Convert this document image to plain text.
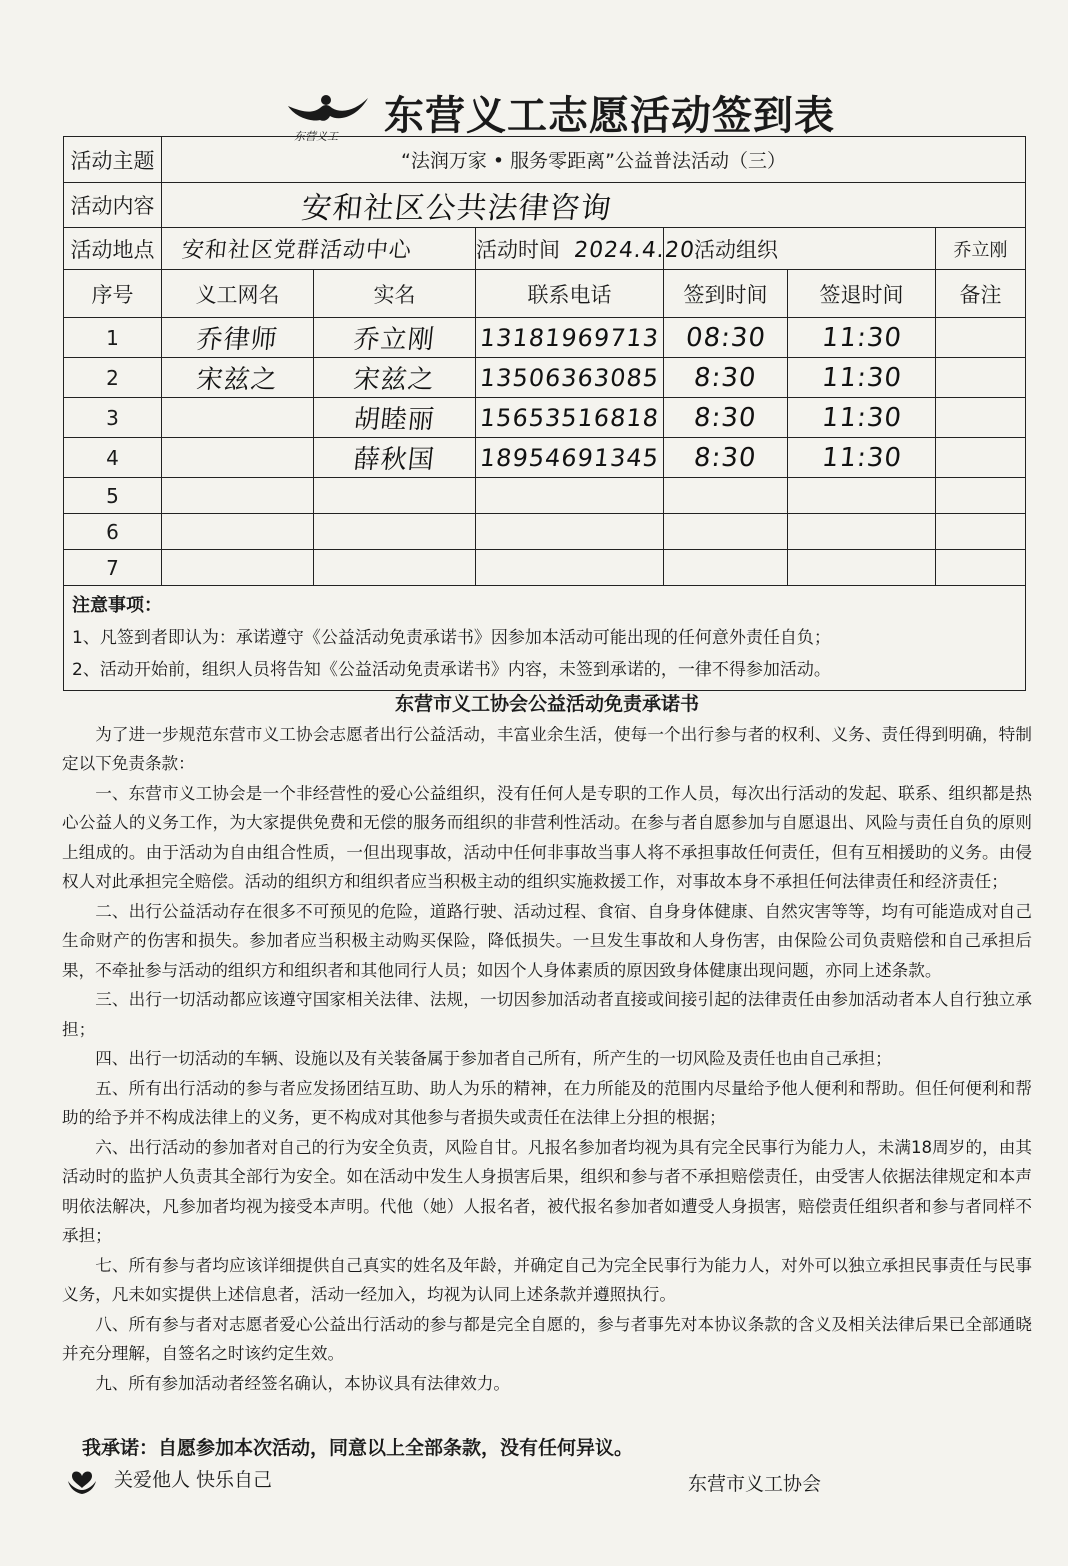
东营义工 东营义工志愿活动签到表
活动主题	“法润万家 • 服务零距离”公益普法活动（三）					
活动内容	安和社区公共法律咨询					
活动地点	安和社区党群活动中心		活动时间 2024.4.20	活动组织		乔立刚
序号	义工网名	实名	联系电话	签到时间	签退时间	备注
1	乔律师	乔立刚	13181969713	08:30	11:30	
2	宋兹之	宋兹之	13506363085	8:30	11:30	
3		胡睦丽	15653516818	8:30	11:30	
4		薛秋国	18954691345	8:30	11:30	
5						
6						
7						

注意事项：
1、凡签到者即认为：承诺遵守《公益活动免责承诺书》因参加本活动可能出现的任何意外责任自负；
2、活动开始前，组织人员将告知《公益活动免责承诺书》内容，未签到承诺的，一律不得参加活动。						
东营市义工协会公益活动免责承诺书

为了进一步规范东营市义工协会志愿者出行公益活动，丰富业余生活，使每一个出行参与者的权利、义务、责任得到明确，特制定以下免责条款：

一、东营市义工协会是一个非经营性的爱心公益组织，没有任何人是专职的工作人员，每次出行活动的发起、联系、组织都是热心公益人的义务工作，为大家提供免费和无偿的服务而组织的非营利性活动。在参与者自愿参加与自愿退出、风险与责任自负的原则上组成的。由于活动为自由组合性质，一但出现事故，活动中任何非事故当事人将不承担事故任何责任，但有互相援助的义务。由侵权人对此承担完全赔偿。活动的组织方和组织者应当积极主动的组织实施救援工作，对事故本身不承担任何法律责任和经济责任；

二、出行公益活动存在很多不可预见的危险，道路行驶、活动过程、食宿、自身身体健康、自然灾害等等，均有可能造成对自己生命财产的伤害和损失。参加者应当积极主动购买保险，降低损失。一旦发生事故和人身伤害，由保险公司负责赔偿和自己承担后果，不牵扯参与活动的组织方和组织者和其他同行人员；如因个人身体素质的原因致身体健康出现问题，亦同上述条款。

三、出行一切活动都应该遵守国家相关法律、法规，一切因参加活动者直接或间接引起的法律责任由参加活动者本人自行独立承担；

四、出行一切活动的车辆、设施以及有关装备属于参加者自己所有，所产生的一切风险及责任也由自己承担；

五、所有出行活动的参与者应发扬团结互助、助人为乐的精神，在力所能及的范围内尽量给予他人便利和帮助。但任何便利和帮助的给予并不构成法律上的义务，更不构成对其他参与者损失或责任在法律上分担的根据；

六、出行活动的参加者对自己的行为安全负责，风险自甘。凡报名参加者均视为具有完全民事行为能力人，未满18周岁的，由其活动时的监护人负责其全部行为安全。如在活动中发生人身损害后果，组织和参与者不承担赔偿责任，由受害人依据法律规定和本声明依法解决，凡参加者均视为接受本声明。代他（她）人报名者，被代报名参加者如遭受人身损害，赔偿责任组织者和参与者同样不承担；

七、所有参与者均应该详细提供自己真实的姓名及年龄，并确定自己为完全民事行为能力人，对外可以独立承担民事责任与民事义务，凡未如实提供上述信息者，活动一经加入，均视为认同上述条款并遵照执行。

八、所有参与者对志愿者爱心公益出行活动的参与都是完全自愿的，参与者事先对本协议条款的含义及相关法律后果已全部通晓并充分理解，自签名之时该约定生效。

九、所有参加活动者经签名确认，本协议具有法律效力。

我承诺：自愿参加本次活动，同意以上全部条款，没有任何异议。
关爱他人 快乐自己	东营市义工协会
